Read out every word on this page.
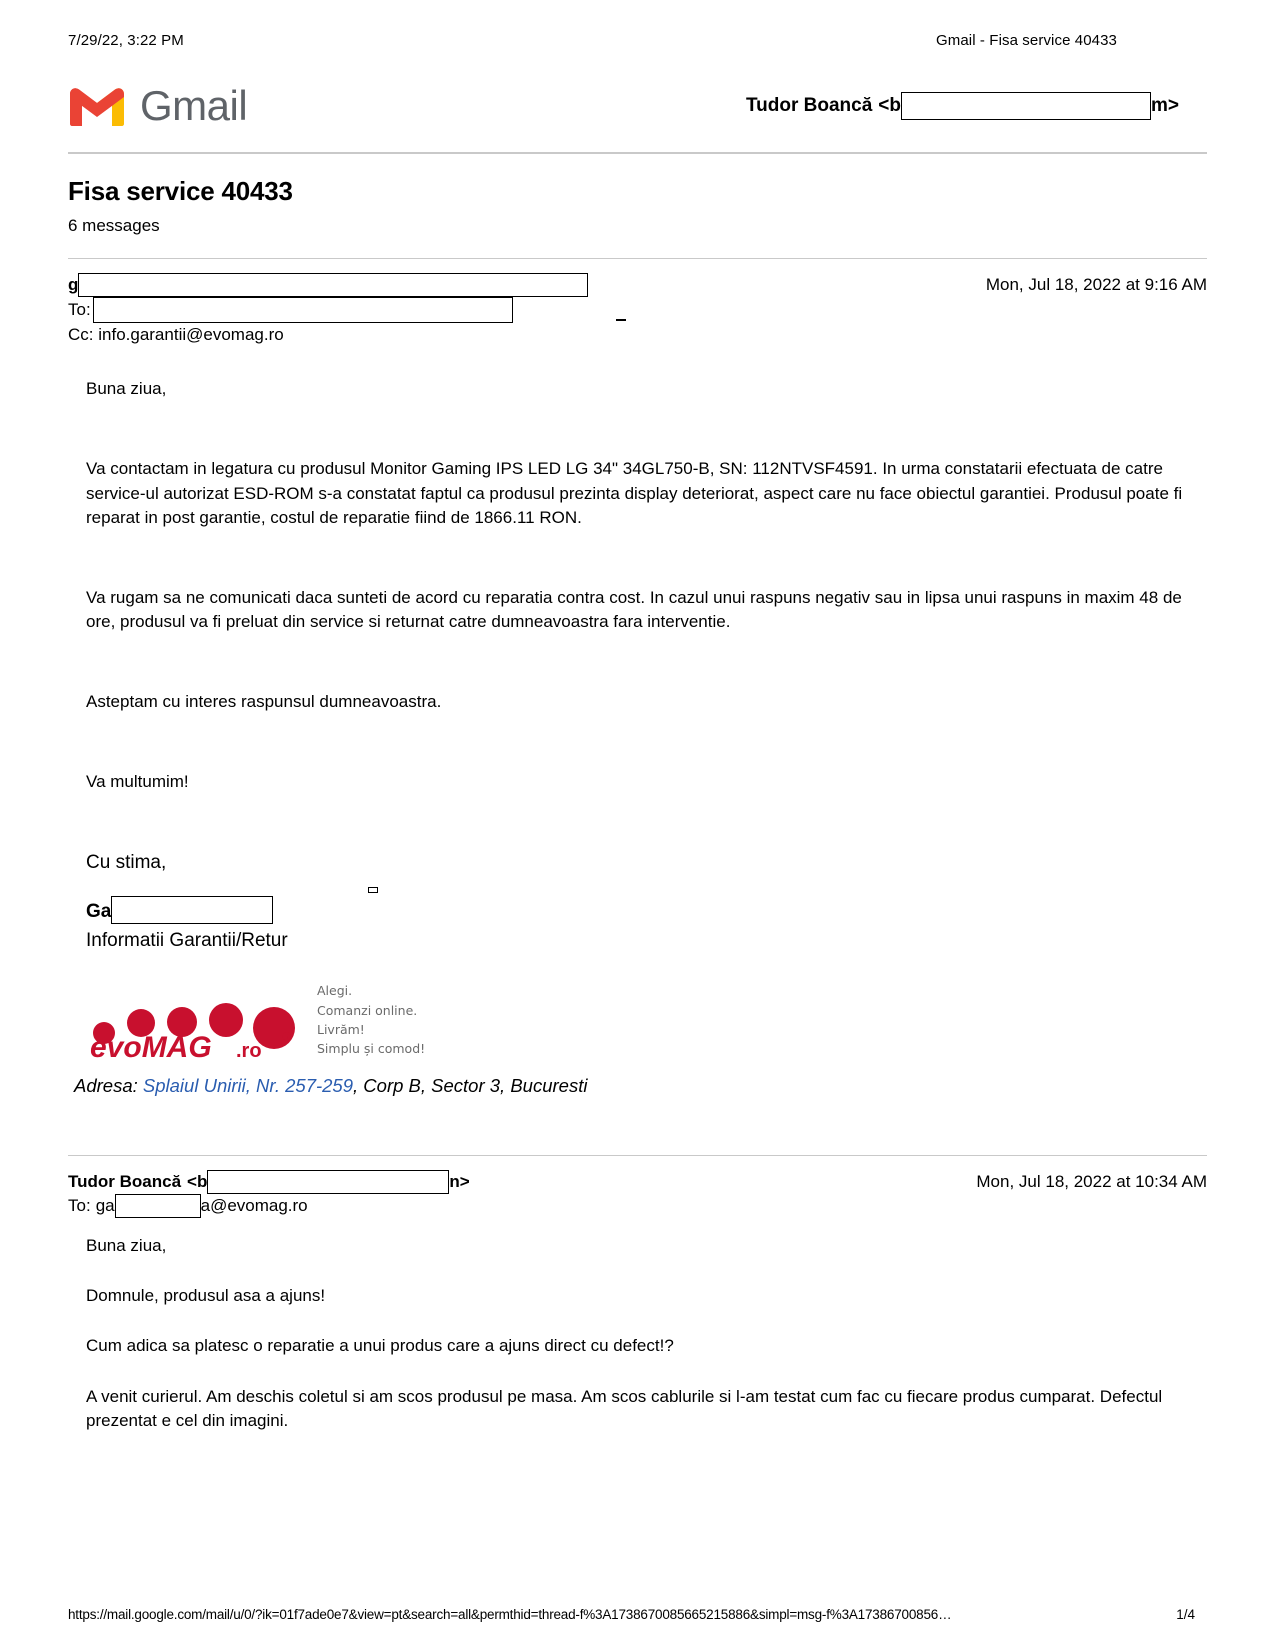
7/29/22, 3:22 PM	Gmail - Fisa service 40433
Gmail	Tudor Boancă <b	m>
Fisa service 40433
6 messages
g
To:
Cc: info.garantii@evomag.ro
Mon, Jul 18, 2022 at 9:16 AM

Buna ziua,

Va contactam in legatura cu produsul Monitor Gaming IPS LED LG 34" 34GL750-B, SN: 112NTVSF4591. In urma constatarii efectuata de catre service-ul autorizat ESD-ROM s-a constatat faptul ca produsul prezinta display deteriorat, aspect care nu face obiectul garantiei. Produsul poate fi reparat in post garantie, costul de reparatie fiind de 1866.11 RON.

Va rugam sa ne comunicati daca sunteti de acord cu reparatia contra cost. In cazul unui raspuns negativ sau in lipsa unui raspuns in maxim 48 de ore, produsul va fi preluat din service si returnat catre dumneavoastra fara interventie.

Asteptam cu interes raspunsul dumneavoastra.

Va multumim!

Cu stima,

Ga
Informatii Garantii/Retur
evoMAG .ro
®
Alegi.
Comanzi online.
Livrăm!
Simplu și comod!
Adresa: Splaiul Unirii, Nr. 257-259, Corp B, Sector 3, Bucuresti
Tudor Boancă <b	n>
To: ga	a@evomag.ro
Mon, Jul 18, 2022 at 10:34 AM

Buna ziua,

Domnule, produsul asa a ajuns!

Cum adica sa platesc o reparatie a unui produs care a ajuns direct cu defect!?

A venit curierul. Am deschis coletul si am scos produsul pe masa. Am scos cablurile si l-am testat cum fac cu fiecare produs cumparat. Defectul prezentat e cel din imagini.

https://mail.google.com/mail/u/0/?ik=01f7ade0e7&view=pt&search=all&permthid=thread-f%3A1738670085665215886&simpl=msg-f%3A17386700856…	1/4
